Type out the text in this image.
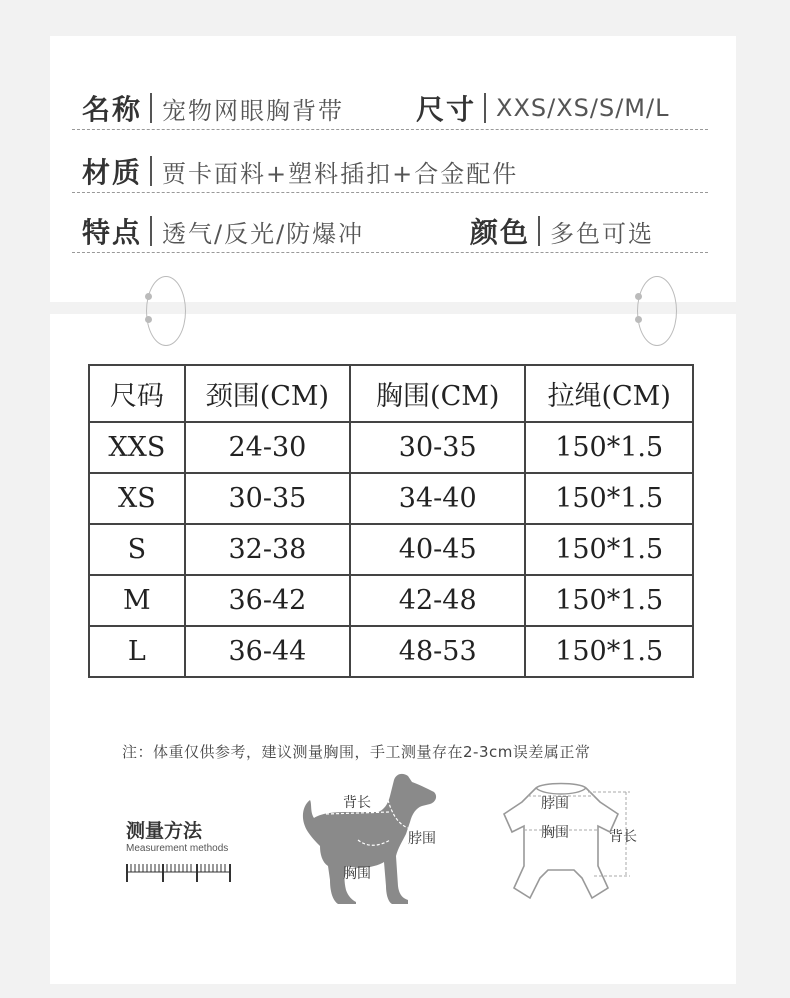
名称 宠物网眼胸背带	尺寸 XXS/XS/S/M/L
材质 贾卡面料+塑料插扣+合金配件
特点 透气/反光/防爆冲	颜色 多色可选
尺码	颈围(CM)	胸围(CM)	拉绳(CM)
XXS	24-30	30-35	150*1.5
XS	30-35	34-40	150*1.5
S	32-38	40-45	150*1.5
M	36-42	42-48	150*1.5
L	36-44	48-53	150*1.5
注：体重仅供参考，建议测量胸围，手工测量存在2-3cm误差属正常
测量方法
Measurement methods
背长
脖围
胸围
脖围
胸围	背长
